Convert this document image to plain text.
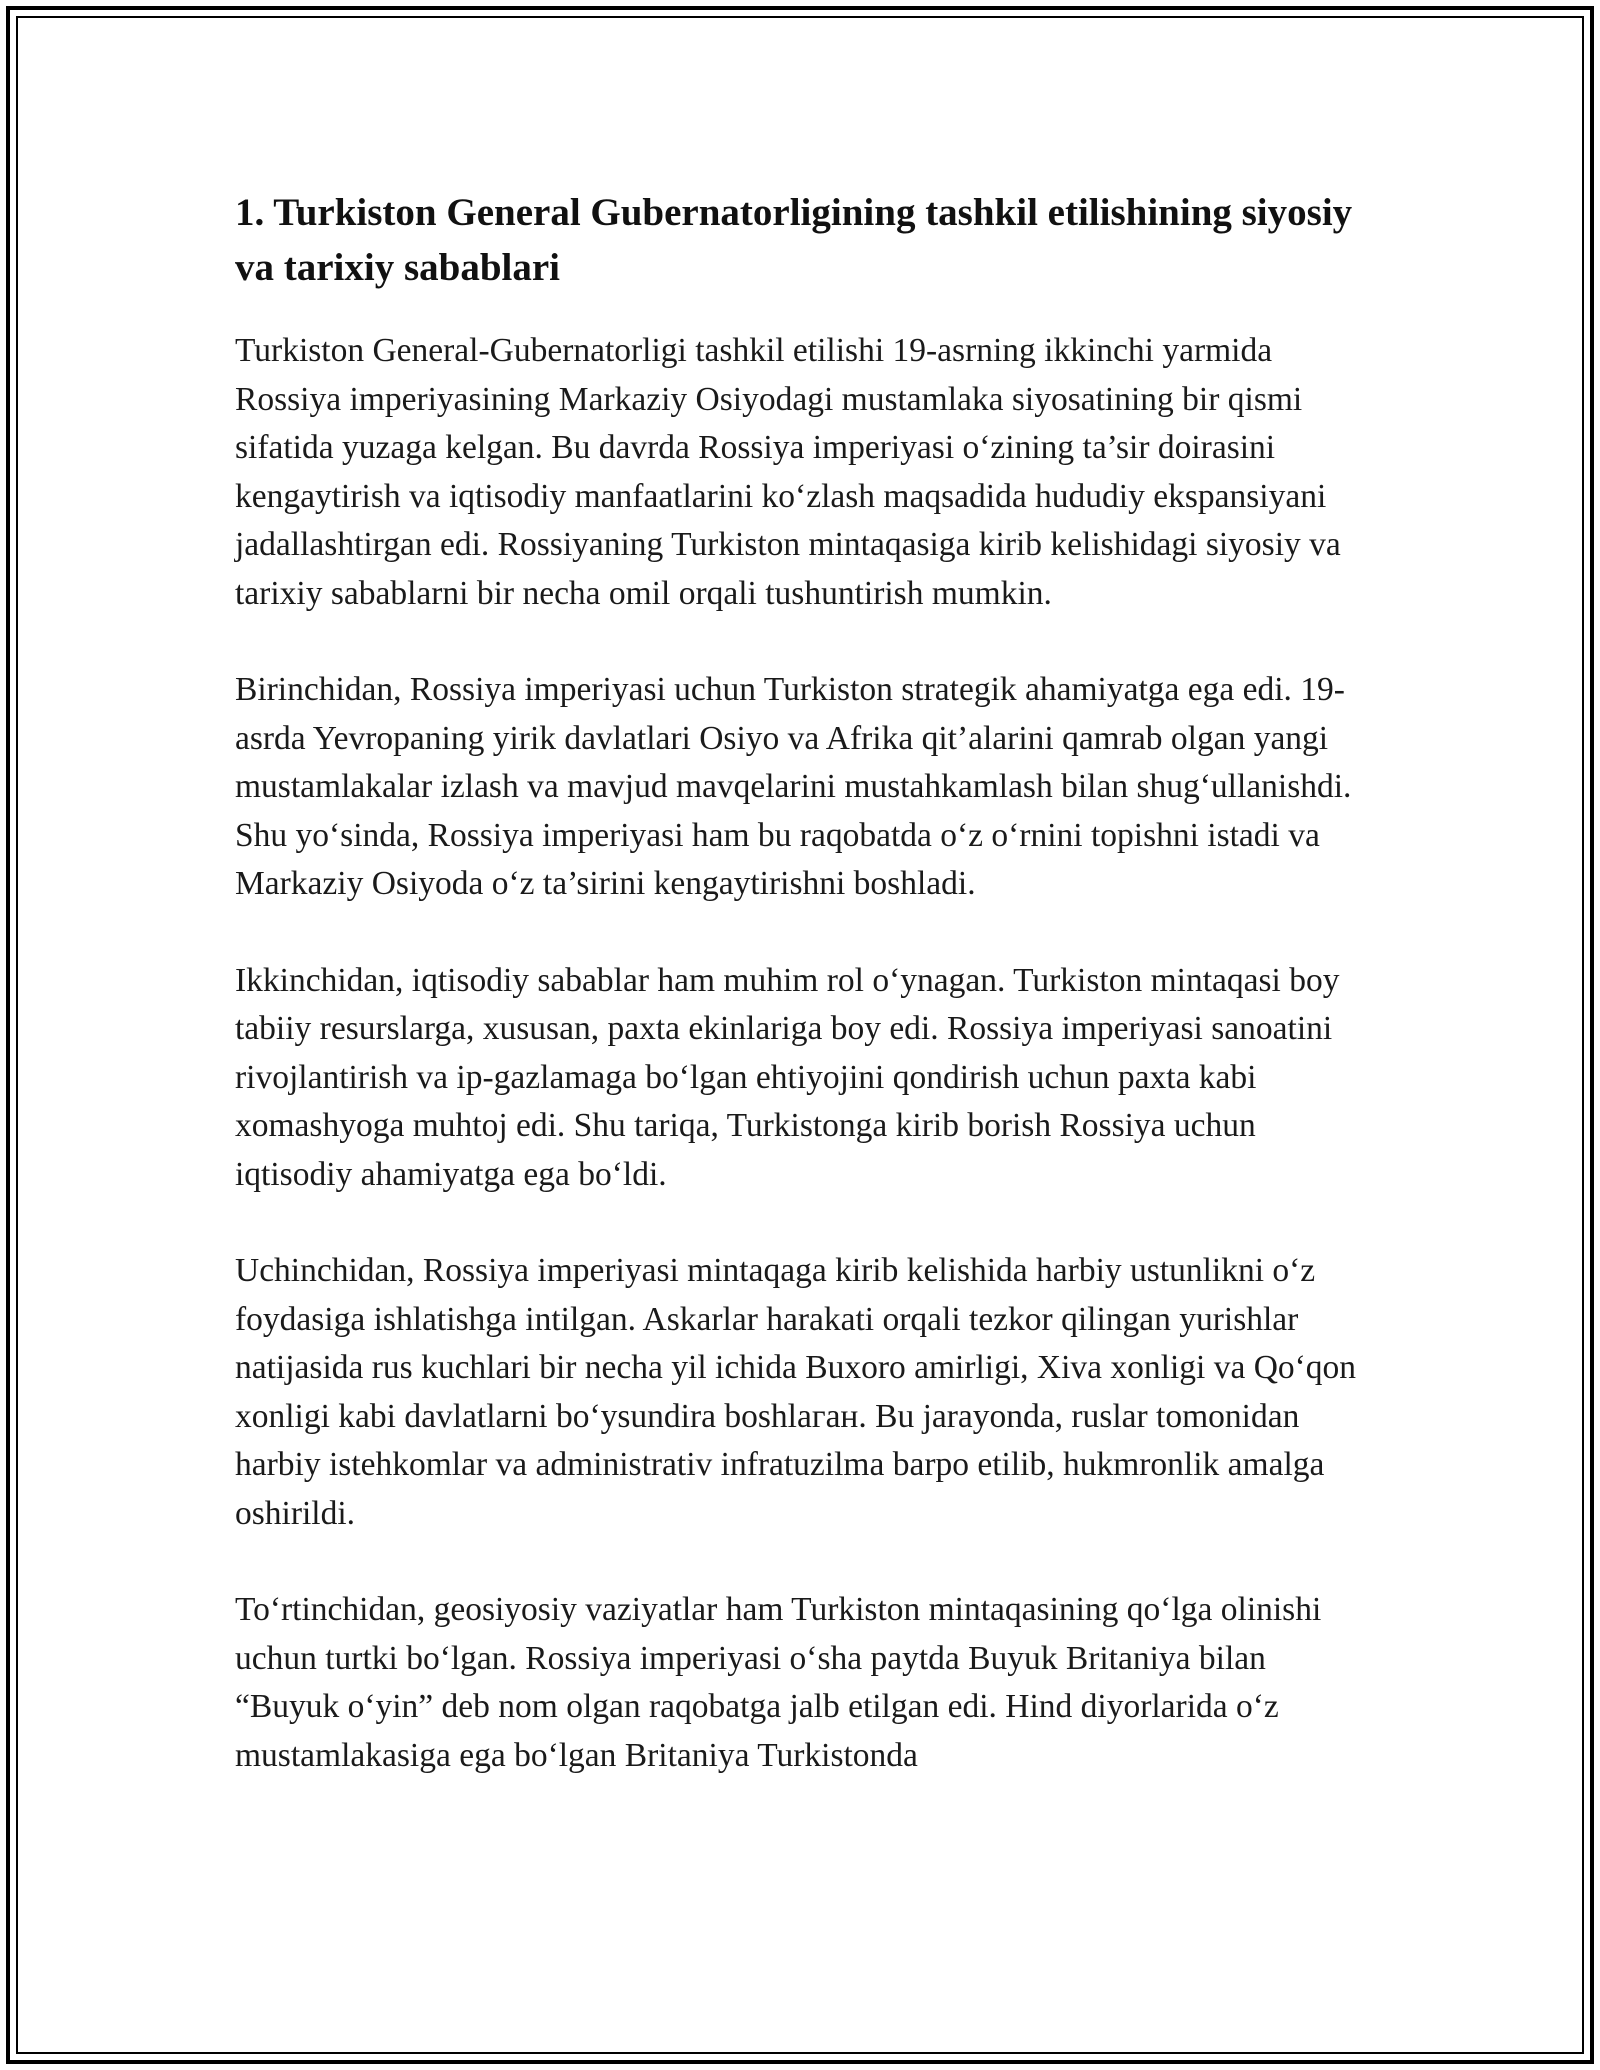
1. Turkiston General Gubernatorligining tashkil etilishining siyosiy va tarixiy sabablari

Turkiston General-Gubernatorligi tashkil etilishi 19-asrning ikkinchi yarmida Rossiya imperiyasining Markaziy Osiyodagi mustamlaka siyosatining bir qismi sifatida yuzaga kelgan. Bu davrda Rossiya imperiyasi o‘zining ta’sir doirasini kengaytirish va iqtisodiy manfaatlarini ko‘zlash maqsadida hududiy ekspansiyani jadallashtirgan edi. Rossiyaning Turkiston mintaqasiga kirib kelishidagi siyosiy va tarixiy sabablarni bir necha omil orqali tushuntirish mumkin.

Birinchidan, Rossiya imperiyasi uchun Turkiston strategik ahamiyatga ega edi. 19-asrda Yevropaning yirik davlatlari Osiyo va Afrika qit’alarini qamrab olgan yangi mustamlakalar izlash va mavjud mavqelarini mustahkamlash bilan shug‘ullanishdi. Shu yo‘sinda, Rossiya imperiyasi ham bu raqobatda o‘z o‘rnini topishni istadi va Markaziy Osiyoda o‘z ta’sirini kengaytirishni boshladi.

Ikkinchidan, iqtisodiy sabablar ham muhim rol o‘ynagan. Turkiston mintaqasi boy tabiiy resurslarga, xususan, paxta ekinlariga boy edi. Rossiya imperiyasi sanoatini rivojlantirish va ip-gazlamaga bo‘lgan ehtiyojini qondirish uchun paxta kabi xomashyoga muhtoj edi. Shu tariqa, Turkistonga kirib borish Rossiya uchun iqtisodiy ahamiyatga ega bo‘ldi.

Uchinchidan, Rossiya imperiyasi mintaqaga kirib kelishida harbiy ustunlikni o‘z foydasiga ishlatishga intilgan. Askarlar harakati orqali tezkor qilingan yurishlar natijasida rus kuchlari bir necha yil ichida Buxoro amirligi, Xiva xonligi va Qo‘qon xonligi kabi davlatlarni bo‘ysundira boshlaган. Bu jarayonda, ruslar tomonidan harbiy istehkomlar va administrativ infratuzilma barpo etilib, hukmronlik amalga oshirildi.

To‘rtinchidan, geosiyosiy vaziyatlar ham Turkiston mintaqasining qo‘lga olinishi uchun turtki bo‘lgan. Rossiya imperiyasi o‘sha paytda Buyuk Britaniya bilan “Buyuk o‘yin” deb nom olgan raqobatga jalb etilgan edi. Hind diyorlarida o‘z mustamlakasiga ega bo‘lgan Britaniya Turkistonda
